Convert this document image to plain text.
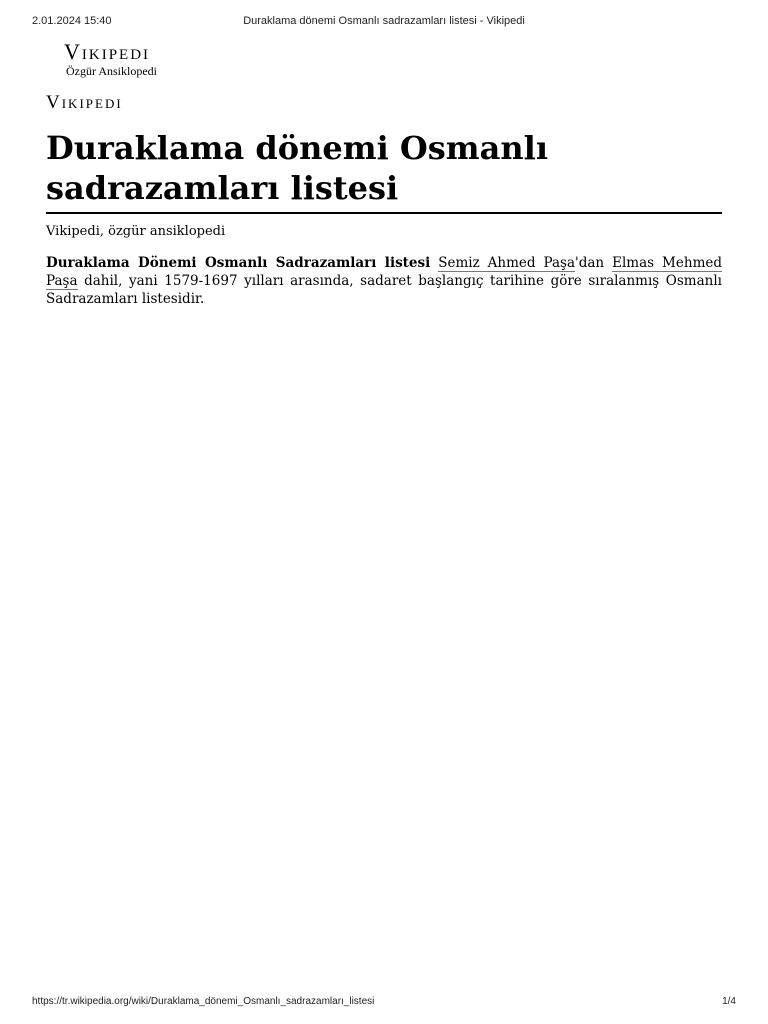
2.01.2024 15:40	Duraklama dönemi Osmanlı sadrazamları listesi - Vikipedi
Vikipedi
Özgür Ansiklopedi
Vikipedi
Duraklama dönemi Osmanlı sadrazamları listesi
Vikipedi, özgür ansiklopedi

Duraklama Dönemi Osmanlı Sadrazamları listesi Semiz Ahmed Paşa'dan Elmas Mehmed Paşa dahil, yani 1579-1697 yılları arasında, sadaret başlangıç tarihine göre sıralanmış Osmanlı Sadrazamları listesidir.

https://tr.wikipedia.org/wiki/Duraklama_dönemi_Osmanlı_sadrazamları_listesi	1/4
